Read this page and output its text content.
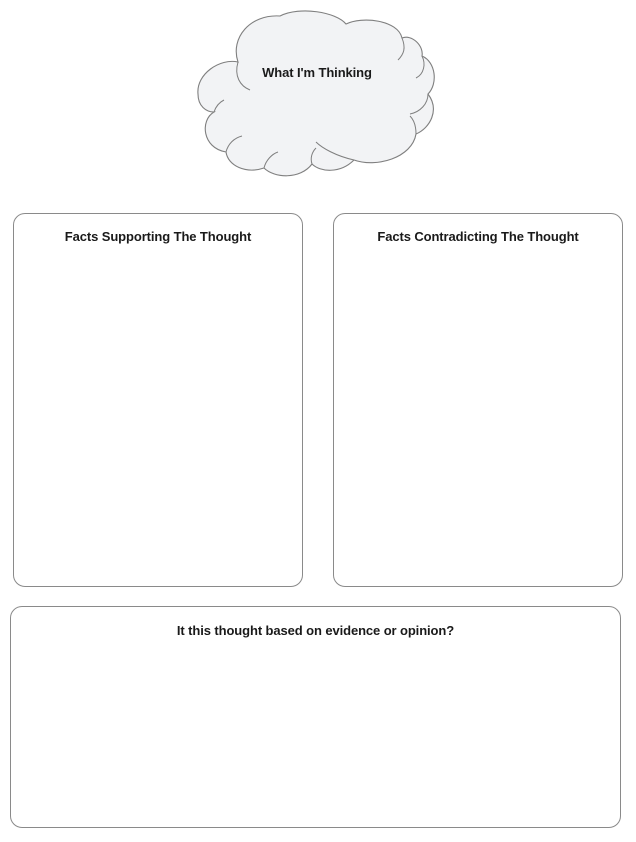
What I'm Thinking
Facts Supporting The Thought	Facts Contradicting The Thought
It this thought based on evidence or opinion?
